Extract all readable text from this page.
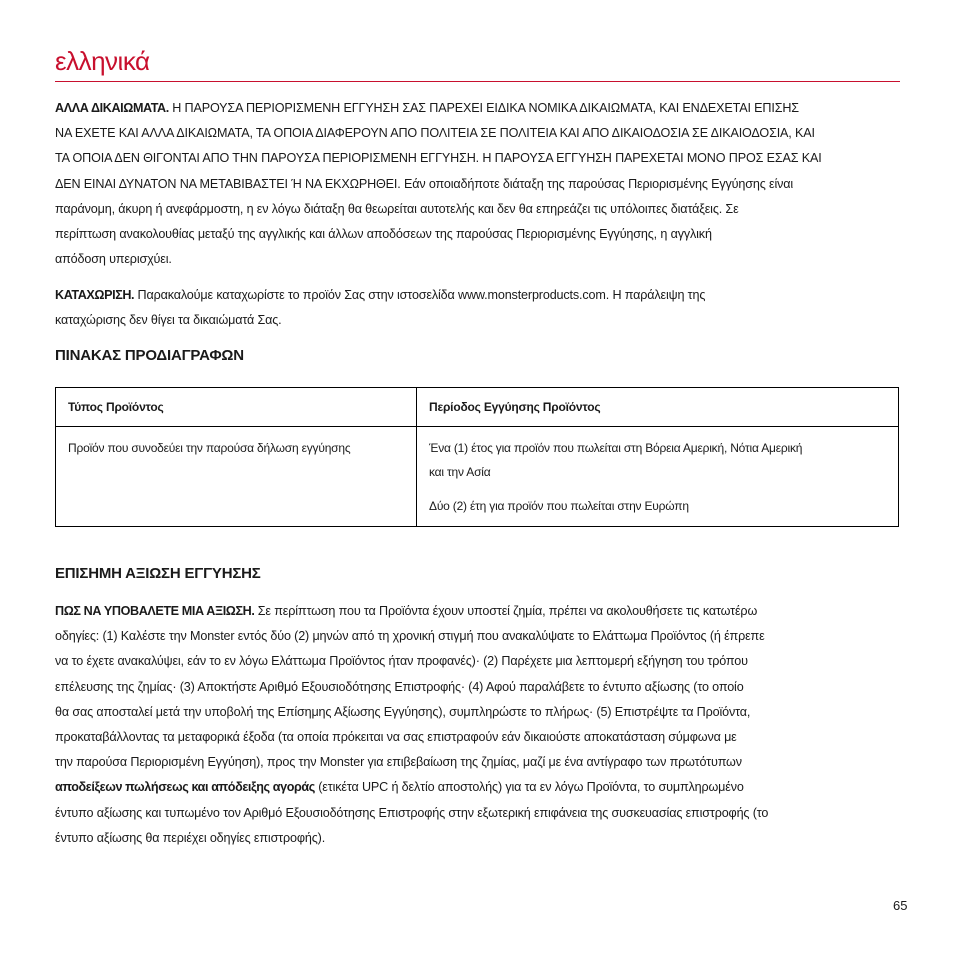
ελληνικά
ΑΛΛΑ ΔΙΚΑΙΩΜΑΤΑ. Η ΠΑΡΟΥΣΑ ΠΕΡΙΟΡΙΣΜΕΝΗ ΕΓΓΥΗΣΗ ΣΑΣ ΠΑΡΕΧΕΙ ΕΙΔΙΚΑ ΝΟΜΙΚΑ ΔΙΚΑΙΩΜΑΤΑ, ΚΑΙ ΕΝΔΕΧΕΤΑΙ ΕΠΙΣΗΣ
ΝΑ ΕΧΕΤΕ ΚΑΙ ΑΛΛΑ ΔΙΚΑΙΩΜΑΤΑ, ΤΑ ΟΠΟΙΑ ΔΙΑΦΕΡΟΥΝ ΑΠΟ ΠΟΛΙΤΕΙΑ ΣΕ ΠΟΛΙΤΕΙΑ ΚΑΙ ΑΠΟ ΔΙΚΑΙΟΔΟΣΙΑ ΣΕ ΔΙΚΑΙΟΔΟΣΙΑ, ΚΑΙ
ΤΑ ΟΠΟΙΑ ΔΕΝ ΘΙΓΟΝΤΑΙ ΑΠΟ ΤΗΝ ΠΑΡΟΥΣΑ ΠΕΡΙΟΡΙΣΜΕΝΗ ΕΓΓΥΗΣΗ. Η ΠΑΡΟΥΣΑ ΕΓΓΥΗΣΗ ΠΑΡΕΧΕΤΑΙ ΜΟΝΟ ΠΡΟΣ ΕΣΑΣ ΚΑΙ
ΔΕΝ ΕΙΝΑΙ ΔΥΝΑΤΟΝ ΝΑ ΜΕΤΑΒΙΒΑΣΤΕΙ Ή ΝΑ ΕΚΧΩΡΗΘΕΙ. Εάν οποιαδήποτε διάταξη της παρούσας Περιορισμένης Εγγύησης είναι
παράνομη, άκυρη ή ανεφάρμοστη, η εν λόγω διάταξη θα θεωρείται αυτοτελής και δεν θα επηρεάζει τις υπόλοιπες διατάξεις. Σε
περίπτωση ανακολουθίας μεταξύ της αγγλικής και άλλων αποδόσεων της παρούσας Περιορισμένης Εγγύησης, η αγγλική
απόδοση υπερισχύει.
ΚΑΤΑΧΩΡΙΣΗ. Παρακαλούμε καταχωρίστε το προϊόν Σας στην ιστοσελίδα www.monsterproducts.com. Η παράλειψη της
καταχώρισης δεν θίγει τα δικαιώματά Σας.
ΠΙΝΑΚΑΣ ΠΡΟΔΙΑΓΡΑΦΩΝ
Τύπος Προϊόντος	Περίοδος Εγγύησης Προϊόντος

Προϊόν που συνοδεύει την παρούσα δήλωση εγγύησης	Ένα (1) έτος για προϊόν που πωλείται στη Βόρεια Αμερική, Νότια Αμερική
και την Ασία
Δύο (2) έτη για προϊόν που πωλείται στην Ευρώπη
ΕΠΙΣΗΜΗ ΑΞΙΩΣΗ ΕΓΓΥΗΣΗΣ
ΠΩΣ ΝΑ ΥΠΟΒΑΛΕΤΕ ΜΙΑ ΑΞΙΩΣΗ. Σε περίπτωση που τα Προϊόντα έχουν υποστεί ζημία, πρέπει να ακολουθήσετε τις κατωτέρω
οδηγίες: (1) Καλέστε την Monster εντός δύο (2) μηνών από τη χρονική στιγμή που ανακαλύψατε το Ελάττωμα Προϊόντος (ή έπρεπε
να το έχετε ανακαλύψει, εάν το εν λόγω Ελάττωμα Προϊόντος ήταν προφανές)· (2) Παρέχετε μια λεπτομερή εξήγηση του τρόπου
επέλευσης της ζημίας· (3) Αποκτήστε Αριθμό Εξουσιοδότησης Επιστροφής· (4) Αφού παραλάβετε το έντυπο αξίωσης (το οποίο
θα σας αποσταλεί μετά την υποβολή της Επίσημης Αξίωσης Εγγύησης), συμπληρώστε το πλήρως· (5) Επιστρέψτε τα Προϊόντα,
προκαταβάλλοντας τα μεταφορικά έξοδα (τα οποία πρόκειται να σας επιστραφούν εάν δικαιούστε αποκατάσταση σύμφωνα με
την παρούσα Περιορισμένη Εγγύηση), προς την Monster για επιβεβαίωση της ζημίας, μαζί με ένα αντίγραφο των πρωτότυπων
αποδείξεων πωλήσεως και απόδειξης αγοράς (ετικέτα UPC ή δελτίο αποστολής) για τα εν λόγω Προϊόντα, το συμπληρωμένο
έντυπο αξίωσης και τυπωμένο τον Αριθμό Εξουσιοδότησης Επιστροφής στην εξωτερική επιφάνεια της συσκευασίας επιστροφής (το
έντυπο αξίωσης θα περιέχει οδηγίες επιστροφής).
65
